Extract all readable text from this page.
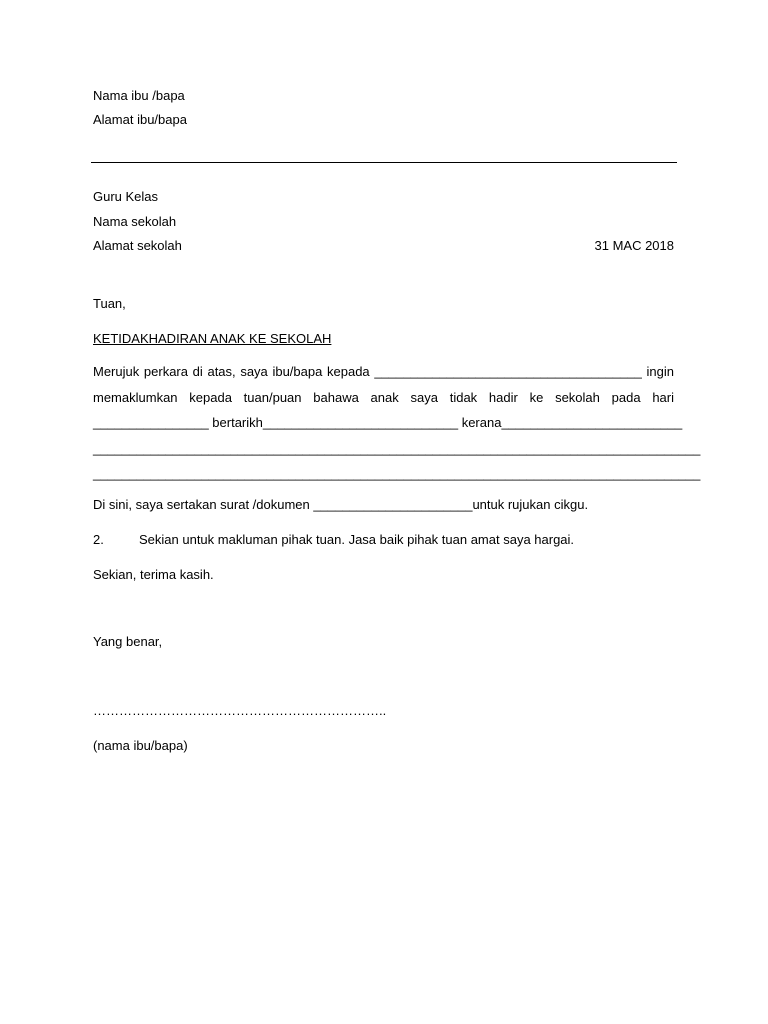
Nama ibu /bapa
Alamat ibu/bapa
Guru Kelas
Nama sekolah
Alamat sekolah	31 MAC 2018
Tuan,
KETIDAKHADIRAN ANAK KE SEKOLAH
Merujuk perkara di atas, saya ibu/bapa kepada _____________________________________ ingin
memaklumkan kepada tuan/puan bahawa anak saya tidak hadir ke sekolah pada hari
________________ bertarikh___________________________ kerana_________________________
____________________________________________________________________________________
____________________________________________________________________________________
Di sini, saya sertakan surat /dokumen ______________________untuk rujukan cikgu.
2.	Sekian untuk makluman pihak tuan. Jasa baik pihak tuan amat saya hargai.
Sekian, terima kasih.
Yang benar,
…………………………………………………………..
(nama ibu/bapa)
